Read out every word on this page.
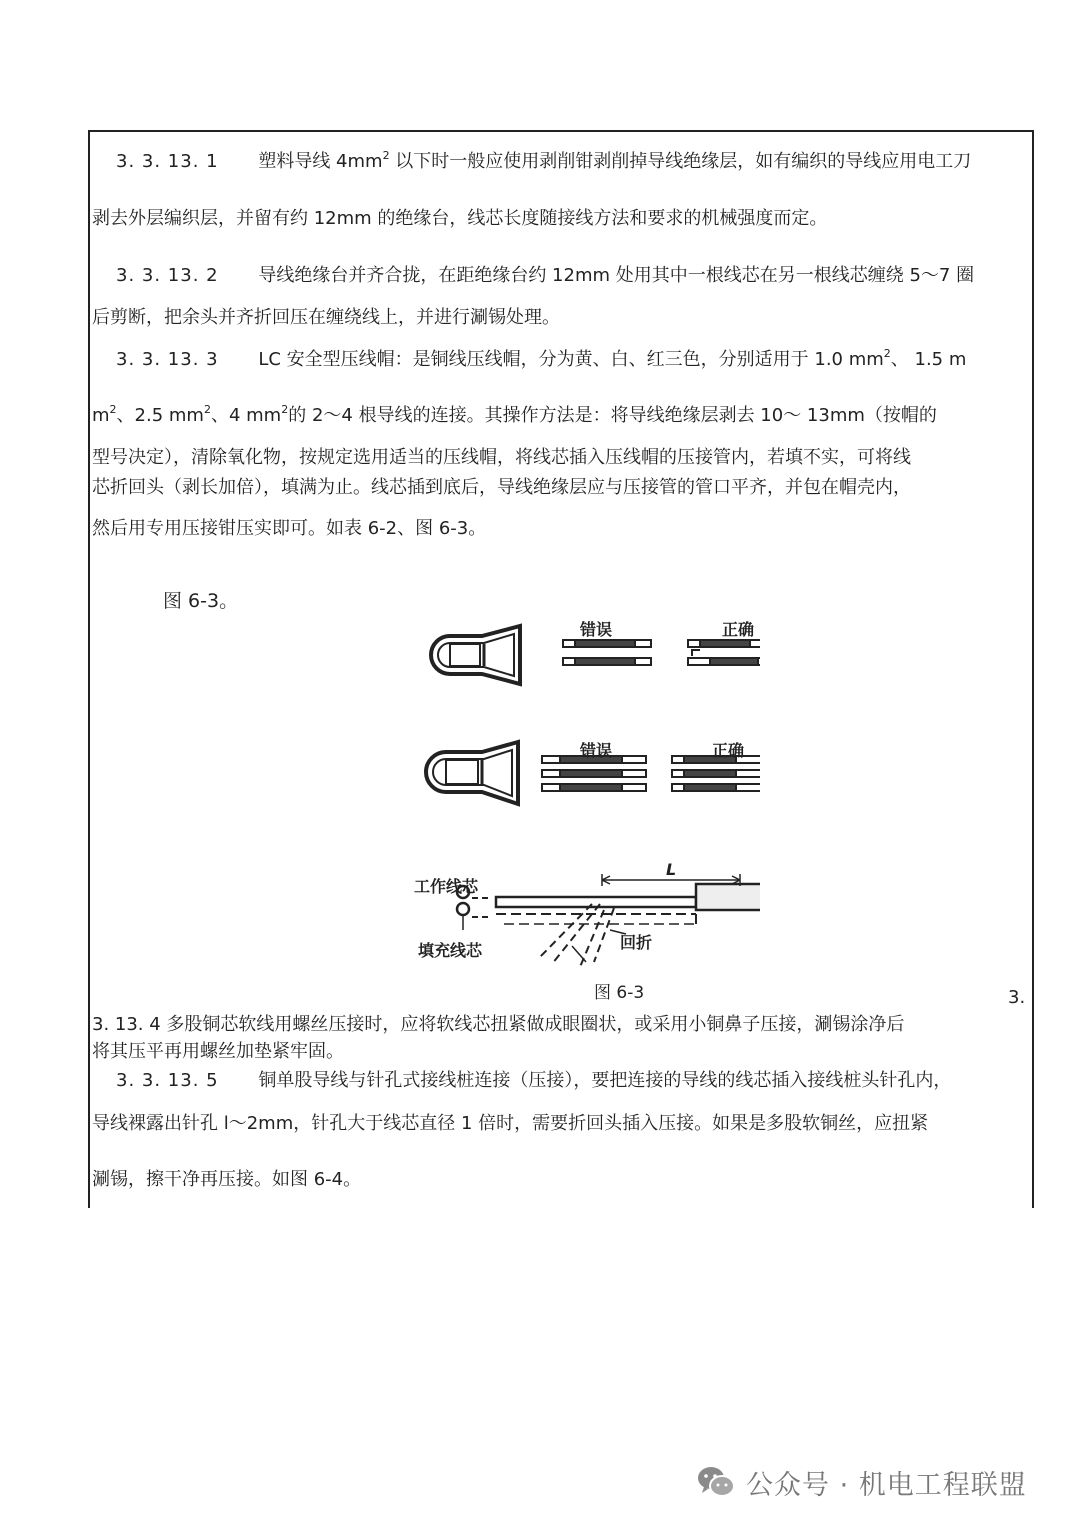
3. 3. 13. 1 塑料导线 $4mm^2$ 以下时一般应使用剥削钳剥削掉导线绝缘层，如有编织的导线应用电工刀
剥去外层编织层，并留有约 12mm 的绝缘台，线芯长度随接线方法和要求的机械强度而定。
3. 3. 13. 2 导线绝缘台并齐合拢，在距绝缘台约 12mm 处用其中一根线芯在另一根线芯缠绕 5～7 圈
后剪断，把余头并齐折回压在缠绕线上，并进行涮锡处理。
3. 3. 13. 3 LC 安全型压线帽：是铜线压线帽，分为黄、白、红三色，分别适用于 1.0 $mm^2$、 1.5 m
$m^2$、2.5 $mm^2$、4 $mm^2$的 2～4 根导线的连接。其操作方法是：将导线绝缘层剥去 10～ 13mm（按帽的
型号决定），清除氧化物，按规定选用适当的压线帽，将线芯插入压线帽的压接管内，若填不实，可将线
芯折回头（剥长加倍），填满为止。线芯插到底后，导线绝缘层应与压接管的管口平齐，并包在帽壳内，
然后用专用压接钳压实即可。如表 6-2、图 6-3。
图 6-3。
错误	正确
错误	正确
工作线芯
填充线芯
L
回折
图 6-3	3.
3. 13. 4 多股铜芯软线用螺丝压接时，应将软线芯扭紧做成眼圈状，或采用小铜鼻子压接，涮锡涂净后
将其压平再用螺丝加垫紧牢固。
3. 3. 13. 5 铜单股导线与针孔式接线桩连接（压接），要把连接的导线的线芯插入接线桩头针孔内，
导线裸露出针孔 l～2mm，针孔大于线芯直径 1 倍时，需要折回头插入压接。如果是多股软铜丝，应扭紧
涮锡，擦干净再压接。如图 6-4。
公众号 · 机电工程联盟
